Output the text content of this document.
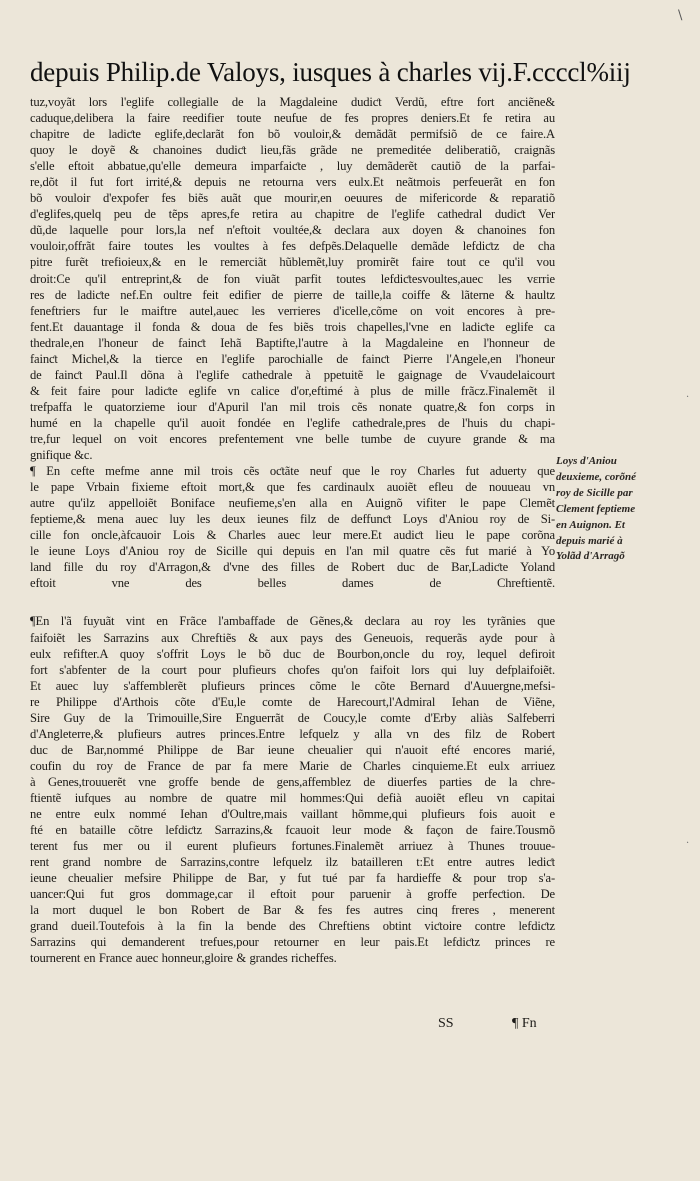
\
depuis Philip.de Valoys, iusques à charles vij.F.ccccl%iij

tuz,voyãt lors l'eglife collegialle de la Magdaleine dudiƈt Verdũ, eftre fort anciẽne&
caduque,delibera la faire reedifier toute neufue de fes propres deniers.Et fe retira au
chapitre de ladiƈte eglife,declarãt fon bõ vouloir,& demãdãt permifsiõ de ce faire.A
quoy le doyẽ & chanoines dudiƈt lieu,fãs grãde ne premeditée deliberatiõ, craignãs
s'elle eftoit abbatue,qu'elle demeura imparfaiƈte , luy demãderẽt cautiõ de la parfai-
re,dõt il fut fort irrité,& depuis ne retourna vers eulx.Et neãtmois perfeuerãt en fon
bõ vouloir d'expofer fes biẽs auãt que mourir,en oeuures de mifericorde & reparatiõ
d'eglifes,quelq peu de tẽps apres,fe retira au chapitre de l'eglife cathedral dudiƈt Ver
dũ,de laquelle pour lors,la nef n'eftoit voultée,& declara aux doyen & chanoines fon
vouloir,offrãt faire toutes les voultes à fes defpẽs.Delaquelle demãde lefdiƈtz de cha
pitre furẽt trefioieux,& en le remerciãt hũblemẽt,luy promirẽt faire tout ce qu'il vou
droit:Ce qu'il entreprint,& de fon viuãt parfit toutes lefdiƈtesvoultes,auec les vεrrie
res de ladiƈte nef.En oultre feit edifier de pierre de taille,la coiffe & lãterne & haultz
feneftriers fur le maiftre autel,auec les verrieres d'icelle,cõme on voit encores à pre-
fent.Et dauantage il fonda & doua de fes biẽs trois chapelles,l'vne en ladiƈte eglife ca
thedrale,en l'honeur de fainƈt Iehã Baptifte,l'autre à la Magdaleine en l'honneur de
fainƈt Michel,& la tierce en l'eglife parochialle de fainƈt Pierre l'Angele,en l'honeur
de fainƈt Paul.Il dõna à l'eglife cathedrale à ppetuitẽ le gaignage de Vvaudelaicourt
& feit faire pour ladiƈte eglife vn calice d'or,eftimé à plus de mille frãcz.Finalemẽt il
trefpaffa le quatorzieme iour d'Apuril l'an mil trois cẽs nonate quatre,& fon corps in
humé en la chapelle qu'il auoit fondée en l'eglife cathedrale,pres de l'huis du chapi-
tre,fur lequel on voit encores prefentement vne belle tumbe de cuyure grande & ma
gnifique &c.

¶ En cefte mefme anne mil trois cẽs oƈtãte neuf que le roy Charles fut aduerty que
le pape Vrbain fixieme eftoit mort,& que fes cardinaulx auoiẽt efleu de nouueau vn
autre qu'ilz appelloiẽt Boniface neufieme,s'en alla en Auignõ vifiter le pape Clemẽt
feptieme,& mena auec luy les deux ieunes filz de deffunƈt Loys d'Aniou roy de Si-
cille fon oncle,àfcauoir Lois & Charles auec leur mere.Et audiƈt lieu le pape corõna
le ieune Loys d'Aniou roy de Sicille qui depuis en l'an mil quatre cẽs fut marié à Yo
land fille du roy d'Arragon,& d'vne des filles de Robert duc de Bar,Ladiƈte Yoland
eftoit vne des belles dames de Chreftientẽ.

¶En l'ã fuyuãt vint en Frãce l'ambaffade de Gẽnes,& declara au roy les tyrãnies que
faifoiẽt les Sarrazins aux Chreftiẽs & aux pays des Geneuois, requerãs ayde pour à
eulx refifter.A quoy s'offrit Loys le bõ duc de Bourbon,oncle du roy, lequel defiroit
fort s'abfenter de la court pour plufieurs chofes qu'on faifoit lors qui luy defplaifoiẽt.
Et auec luy s'affemblerẽt plufieurs princes cõme le cõte Bernard d'Auuergne,mefsi-
re Philippe d'Arthois cõte d'Eu,le comte de Harecourt,l'Admiral Iehan de Viẽne,
Sire Guy de la Trimouille,Sire Enguerrãt de Coucy,le comte d'Erby aliàs Salfeberri
d'Angleterre,& plufieurs autres princes.Entre lefquelz y alla vn des filz de Robert
duc de Bar,nommé Philippe de Bar ieune cheualier qui n'auoit efté encores marié,
coufin du roy de France de par fa mere Marie de Charles cinquieme.Et eulx arriuez
à Genes,trouuerẽt vne groffe bende de gens,affemblez de diuerfes parties de la chre-
ftientẽ iufques au nombre de quatre mil hommes:Qui defià auoiẽt efleu vn capitai
ne entre eulx nommé Iehan d'Oultre,mais vaillant hõmme,qui plufieurs fois auoit e
fté en bataille cõtre lefdiƈtz Sarrazins,& fcauoit leur mode & façon de faire.Tousmõ
terent fus mer ou il eurent plufieurs fortunes.Finalemẽt arriuez à Thunes trouue-
rent grand nombre de Sarrazins,contre lefquelz ilz batailleren t:Et entre autres lediƈt
ieune cheualier mefsire Philippe de Bar, y fut tué par fa hardieffe & pour trop s'a-
uancer:Qui fut gros dommage,car il eftoit pour paruenir à groffe perfeƈtion. De
la mort duquel le bon Robert de Bar & fes fes autres cinq freres , menerent
grand dueil.Toutefois à la fin la bende des Chreftiens obtint viƈtoire contre lefdiƈtz
Sarrazins qui demanderent trefues,pour retourner en leur pais.Et lefdiƈtz princes re
tournerent en France auec honneur,gloire & grandes richeffes.

Loys d'Aniou
deuxieme, corõné
roy de Sicille par
Clement feptieme
en Auignon. Et
depuis marié à
Yolãd d'Arragõ
SS	¶ Fn
·
·
